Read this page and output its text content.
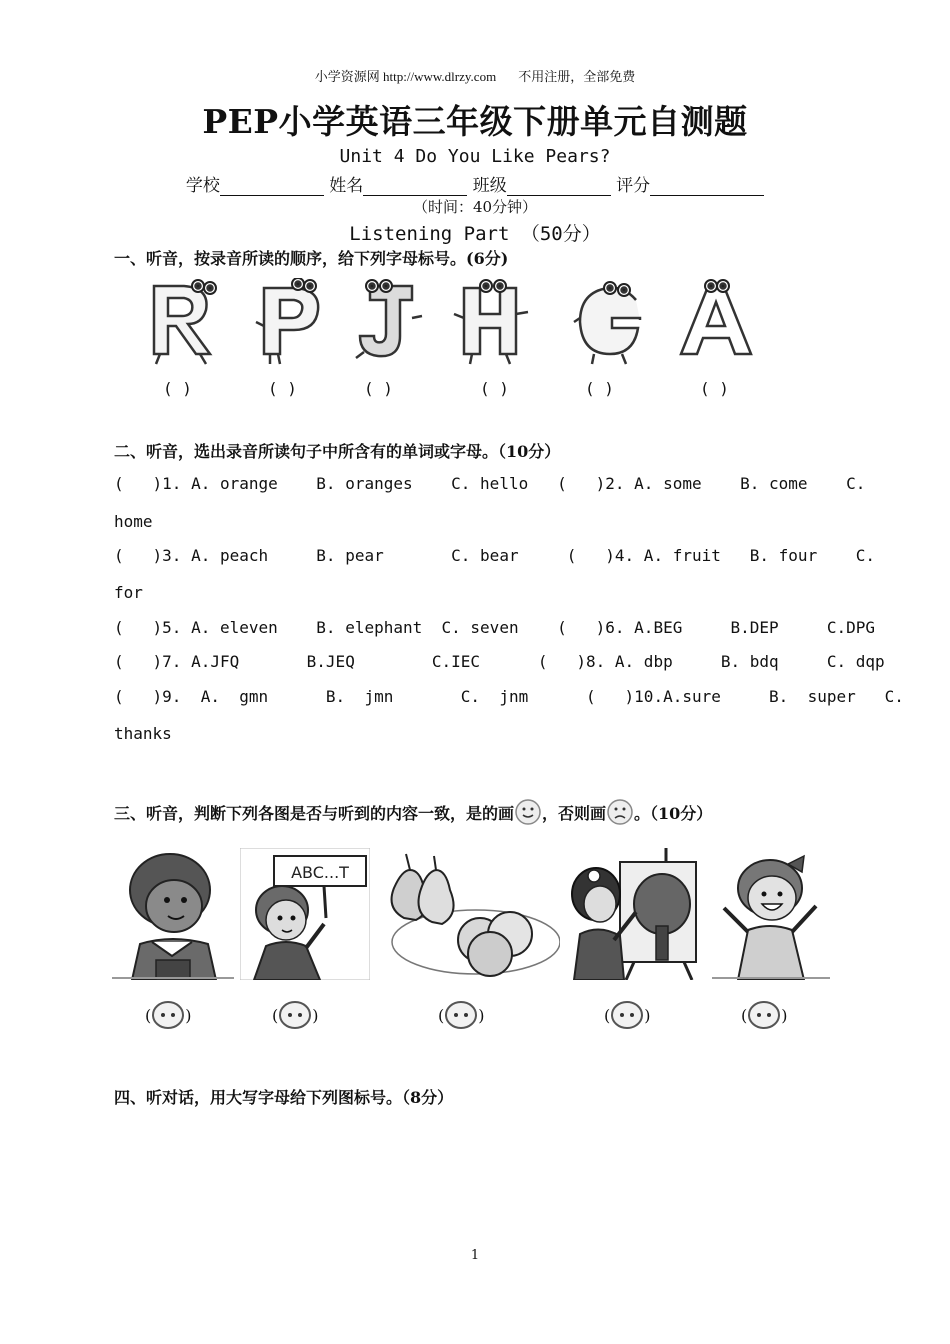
小学资源网 http://www.dlrzy.com 不用注册，全部免费
PEP小学英语三年级下册单元自测题
Unit 4 Do You Like Pears?
学校	姓名	班级	评分
（时间：40分钟）
Listening Part （50分）
一、听音，按录音所读的顺序，给下列字母标号。(6分)
( )	( )	( )	( )	( )	( )
二、听音，选出录音所读句子中所含有的单词或字母。（10分）
(   )1. A. orange    B. oranges    C. hello   (   )2. A. some    B. come    C.
home
(   )3. A. peach     B. pear       C. bear     (   )4. A. fruit   B. four    C.
for
(   )5. A. eleven    B. elephant  C. seven    (   )6. A.BEG     B.DEP     C.DPG
(   )7. A.JFQ       B.JEQ        C.IEC      (   )8. A. dbp     B. bdq     C. dqp
(   )9.  A.  gmn      B.  jmn       C.  jnm      (   )10.A.sure     B.  super   C.
thanks
三、听音，判断下列各图是否与听到的内容一致，是的画 ，否则画 。（10分）
ABC...T
( )	( )	( )	( )	( )
四、听对话，用大写字母给下列图标号。（8分）
1
